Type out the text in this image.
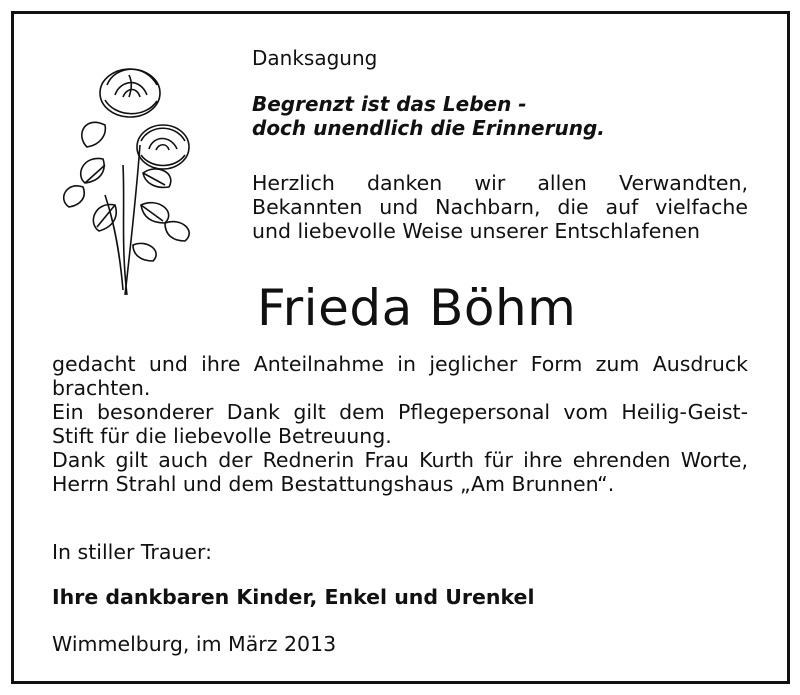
Danksagung
Begrenzt ist das Leben -
doch unendlich die Erinnerung.
Herzlich danken wir allen Verwandten,
Bekannten und Nachbarn, die auf vielfache
und liebevolle Weise unserer Entschlafenen
Frieda Böhm
gedacht und ihre Anteilnahme in jeglicher Form zum Ausdruck
brachten.
Ein besonderer Dank gilt dem Pflegepersonal vom Heilig-Geist-
Stift für die liebevolle Betreuung.
Dank gilt auch der Rednerin Frau Kurth für ihre ehrenden Worte,
Herrn Strahl und dem Bestattungshaus „Am Brunnen“.
In stiller Trauer:
Ihre dankbaren Kinder, Enkel und Urenkel
Wimmelburg, im März 2013
